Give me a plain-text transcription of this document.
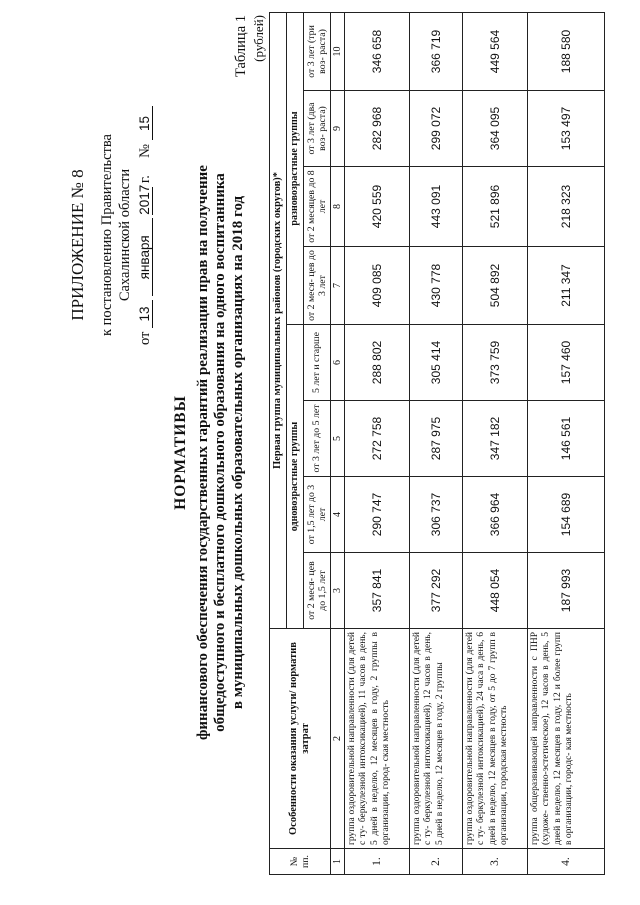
ПРИЛОЖЕНИЕ № 8 к постановлению Правительства Сахалинской области
от 13 января 2017 г.  № 15
НОРМАТИВЫ финансового обеспечения государственных гарантий реализации прав на получение общедоступного и бесплатного дошкольного образования на одного воспитанника в муниципальных дошкольных образовательных организациях на 2018 год
Таблица 1 (рублей)
№ пп.	Особенности оказания услуги/ норматив затрат	Первая группа муниципальных районов (городских округов)*							
		одновозрастные группы				разновозрастные группы			
		от 2 меся- цев до 1,5 лет	от 1,5 лет до 3 лет	от 3 лет до 5 лет	5 лет и старше	от 2 меся- цев до 3 лет	от 2 месяцев до 8 лет	от 3 лет (два воз- раста)	от 3 лет (три воз- раста)
1	2	3	4	5	6	7	8	9	10
1.	группа оздоровительной направленности (для детей с ту- беркулезной интоксикацией), 11 часов в день, 5 дней в неделю, 12 месяцев в году, 2 группы в организации, город- ская местность	357 841	290 747	272 758	288 802	409 085	420 559	282 968	346 658
2.	группа оздоровительной направленности (для детей с ту- беркулезной интоксикацией), 12 часов в день, 5 дней в неделю, 12 месяцев в году, 2 группы	377 292	306 737	287 975	305 414	430 778	443 091	299 072	366 719
3.	группа оздоровительной направленности (для детей с ту- беркулезной интоксикацией), 24 часа в день, 6 дней в неделю, 12 месяцев в году, от 5 до 7 групп в организации, городская местность	448 054	366 964	347 182	373 759	504 892	521 896	364 095	449 564
4.	группа общеразвивающей направленности с ПНР (художе- ственно-эстетическое), 12 часов в день, 5 дней в неделю, 12 месяцев в году, 12 и более групп в организации, городс- кая местность	187 993	154 689	146 561	157 460	211 347	218 323	153 497	188 580
